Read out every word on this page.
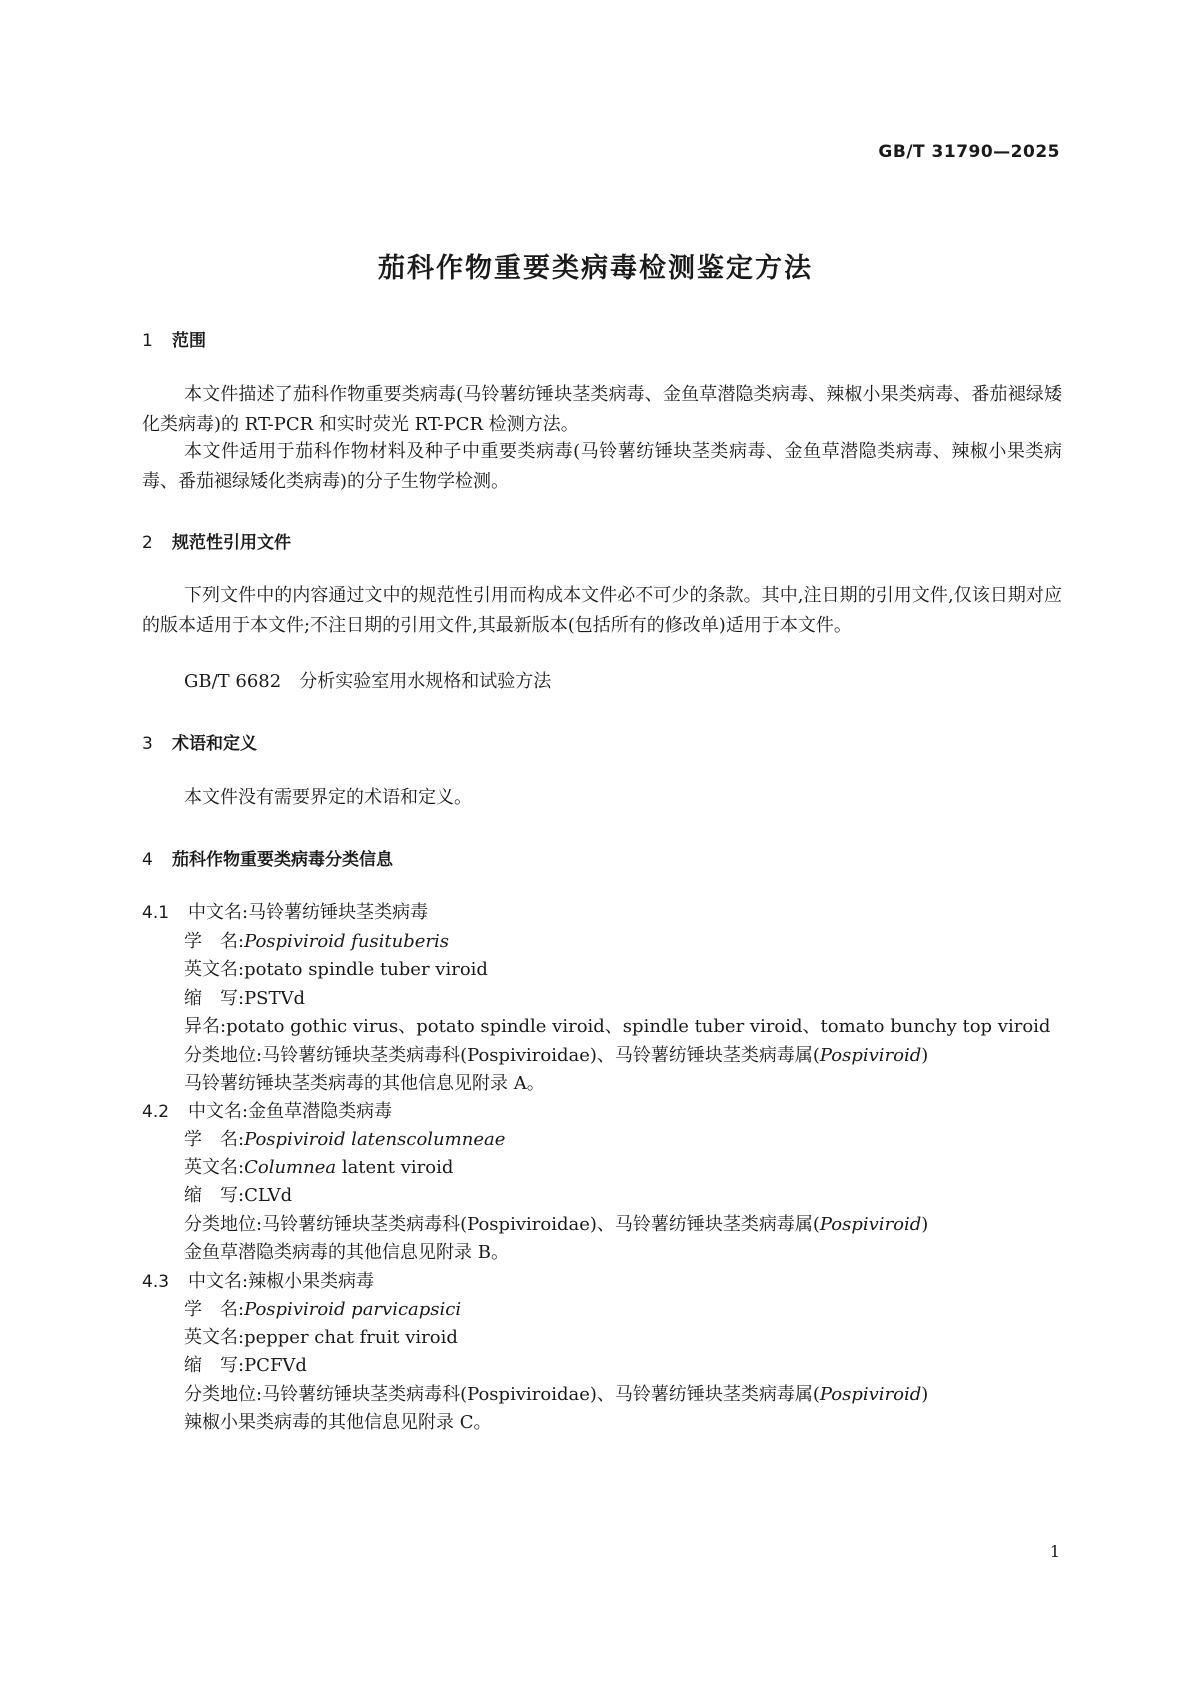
GB/T 31790—2025
茄科作物重要类病毒检测鉴定方法
1 范围

本文件描述了茄科作物重要类病毒(马铃薯纺锤块茎类病毒、金鱼草潜隐类病毒、辣椒小果类病毒、番茄褪绿矮化类病毒)的 RT-PCR 和实时荧光 RT-PCR 检测方法。

本文件适用于茄科作物材料及种子中重要类病毒(马铃薯纺锤块茎类病毒、金鱼草潜隐类病毒、辣椒小果类病毒、番茄褪绿矮化类病毒)的分子生物学检测。

2 规范性引用文件

下列文件中的内容通过文中的规范性引用而构成本文件必不可少的条款。其中,注日期的引用文件,仅该日期对应的版本适用于本文件;不注日期的引用文件,其最新版本(包括所有的修改单)适用于本文件。

GB/T 6682　分析实验室用水规格和试验方法

3 术语和定义

本文件没有需要界定的术语和定义。

4 茄科作物重要类病毒分类信息

4.1 中文名:马铃薯纺锤块茎类病毒

学　名:Pospiviroid fusituberis

英文名:potato spindle tuber viroid

缩　写:PSTVd

异名:potato gothic virus、potato spindle viroid、spindle tuber viroid、tomato bunchy top viroid

分类地位:马铃薯纺锤块茎类病毒科(Pospiviroidae)、马铃薯纺锤块茎类病毒属(Pospiviroid)

马铃薯纺锤块茎类病毒的其他信息见附录 A。

4.2 中文名:金鱼草潜隐类病毒

学　名:Pospiviroid latenscolumneae

英文名:Columnea latent viroid

缩　写:CLVd

分类地位:马铃薯纺锤块茎类病毒科(Pospiviroidae)、马铃薯纺锤块茎类病毒属(Pospiviroid)

金鱼草潜隐类病毒的其他信息见附录 B。

4.3 中文名:辣椒小果类病毒

学　名:Pospiviroid parvicapsici

英文名:pepper chat fruit viroid

缩　写:PCFVd

分类地位:马铃薯纺锤块茎类病毒科(Pospiviroidae)、马铃薯纺锤块茎类病毒属(Pospiviroid)

辣椒小果类病毒的其他信息见附录 C。

1
